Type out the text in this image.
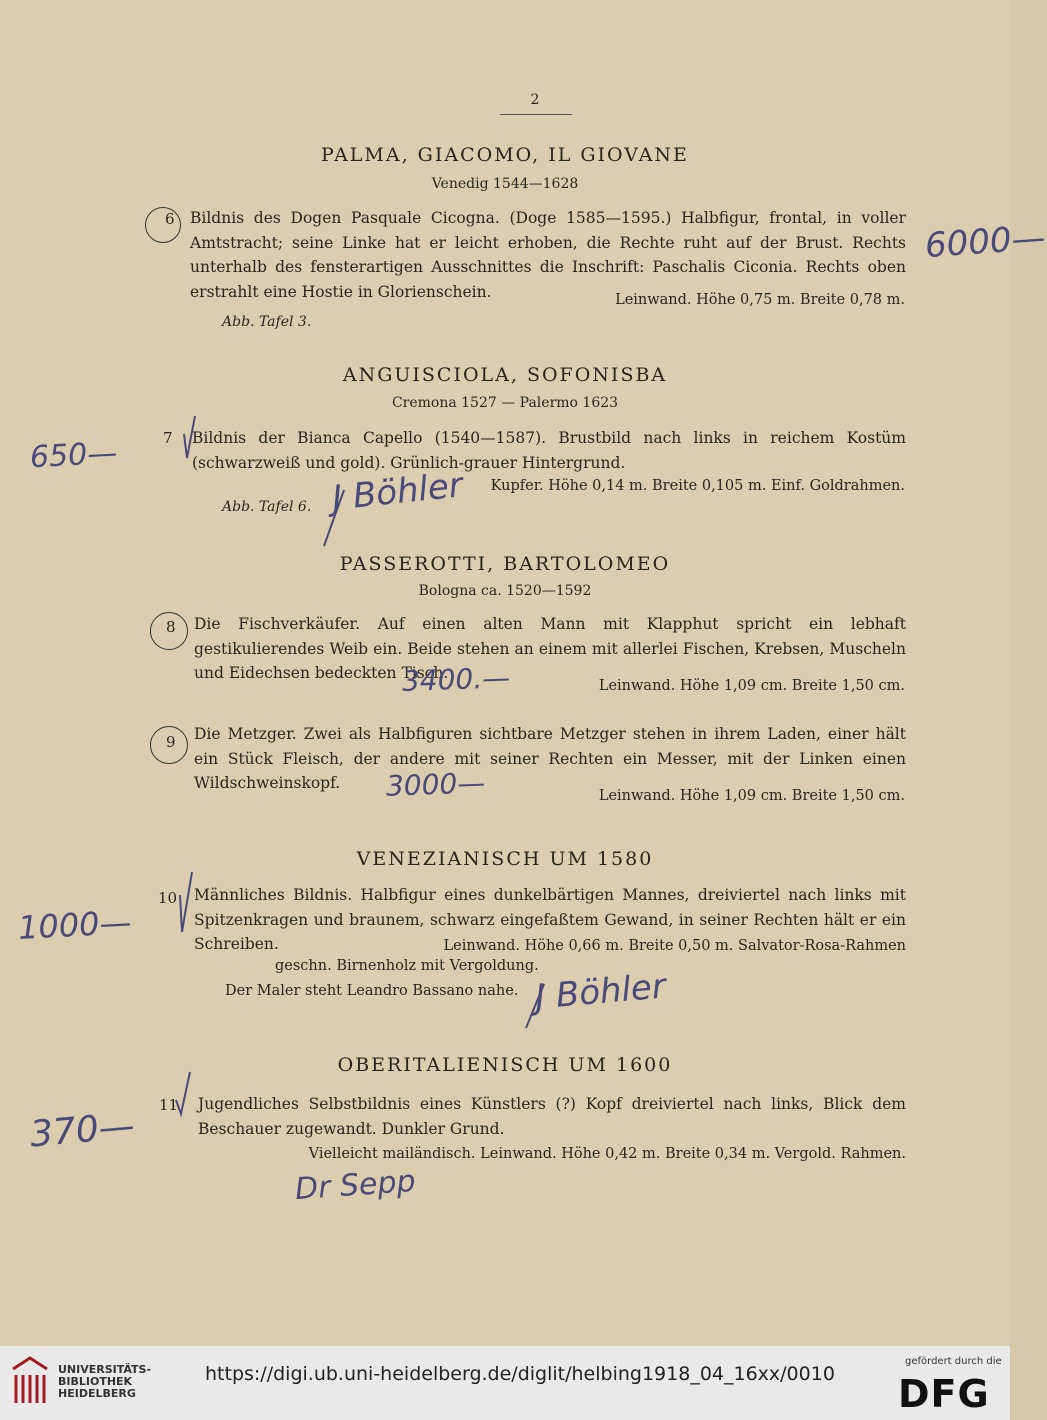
2
PALMA, GIACOMO, IL GIOVANE
Venedig 1544—1628
6 Bildnis des Dogen Pasquale Cicogna. (Doge 1585—1595.) Halbfigur, frontal, in voller Amtstracht; seine Linke hat er leicht erhoben, die Rechte ruht auf der Brust. Rechts unterhalb des fensterartigen Ausschnittes die Inschrift: Paschalis Ciconia. Rechts oben erstrahlt eine Hostie in Glorienschein.	Leinwand. Höhe 0,75 m. Breite 0,78 m.
Abb. Tafel 3.
ANGUISCIOLA, SOFONISBA
Cremona 1527 — Palermo 1623
7 Bildnis der Bianca Capello (1540—1587). Brustbild nach links in reichem Kostüm (schwarzweiß und gold). Grünlich-grauer Hintergrund.
Kupfer. Höhe 0,14 m. Breite 0,105 m. Einf. Goldrahmen.
Abb. Tafel 6.
PASSEROTTI, BARTOLOMEO
Bologna ca. 1520—1592
8 Die Fischverkäufer. Auf einen alten Mann mit Klapphut spricht ein lebhaft gestikulierendes Weib ein. Beide stehen an einem mit allerlei Fischen, Krebsen, Muscheln und Eidechsen bedeckten Tisch.
Leinwand. Höhe 1,09 cm. Breite 1,50 cm.
9 Die Metzger. Zwei als Halbfiguren sichtbare Metzger stehen in ihrem Laden, einer hält ein Stück Fleisch, der andere mit seiner Rechten ein Messer, mit der Linken einen Wildschweinskopf.
Leinwand. Höhe 1,09 cm. Breite 1,50 cm.
VENEZIANISCH UM 1580
10 Männliches Bildnis. Halbfigur eines dunkelbärtigen Mannes, dreiviertel nach links mit Spitzenkragen und braunem, schwarz eingefaßtem Gewand, in seiner Rechten hält er ein Schreiben.	Leinwand. Höhe 0,66 m. Breite 0,50 m. Salvator-Rosa-Rahmen
geschn. Birnenholz mit Vergoldung.
Der Maler steht Leandro Bassano nahe.
OBERITALIENISCH UM 1600
11 Jugendliches Selbstbildnis eines Künstlers (?) Kopf dreiviertel nach links, Blick dem Beschauer zugewandt. Dunkler Grund.
Vielleicht mailändisch. Leinwand. Höhe 0,42 m. Breite 0,34 m. Vergold. Rahmen.
6000—
650—
J Böhler
3400.—
3000—
1000—
J Böhler
370—
Dr Sepp
UNIVERSITÄTS-
BIBLIOTHEK
HEIDELBERG
https://digi.ub.uni-heidelberg.de/diglit/helbing1918_04_16xx/0010
gefördert durch die
DFG
